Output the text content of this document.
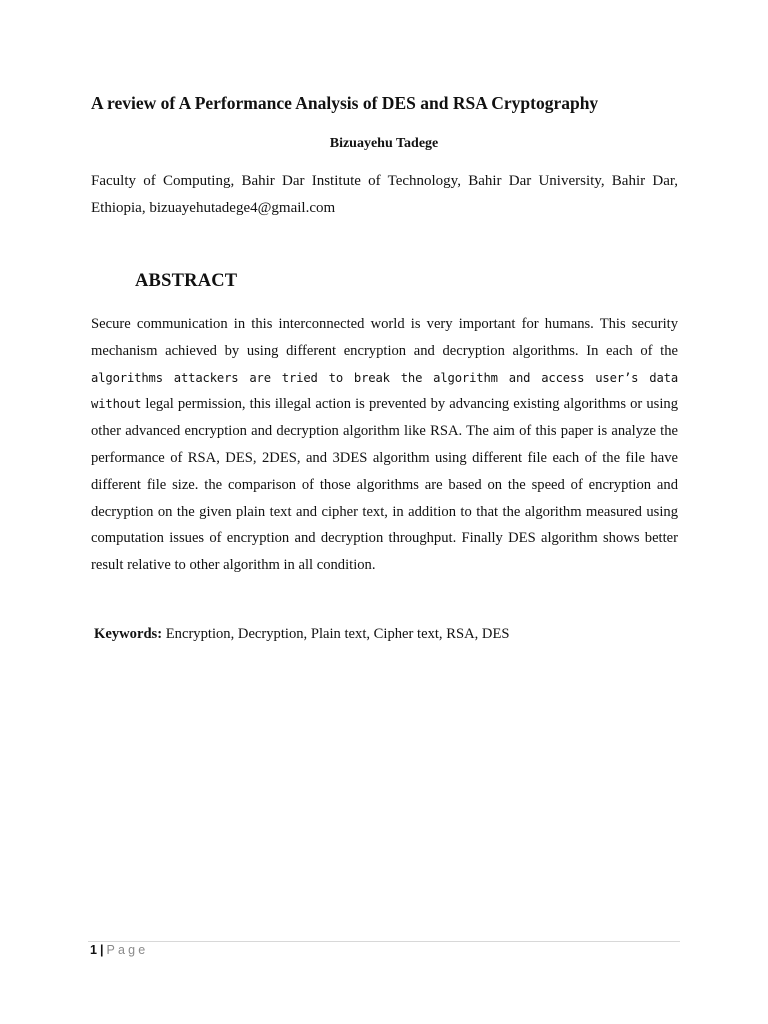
A review of A Performance Analysis of DES and RSA Cryptography
Bizuayehu Tadege
Faculty of Computing, Bahir Dar Institute of Technology, Bahir Dar University, Bahir Dar, Ethiopia, bizuayehutadege4@gmail.com
ABSTRACT
Secure communication in this interconnected world is very important for humans. This security mechanism achieved by using different encryption and decryption algorithms. In each of the algorithms attackers are tried to break the algorithm and access user’s data without legal permission, this illegal action is prevented by advancing existing algorithms or using other advanced encryption and decryption algorithm like RSA. The aim of this paper is analyze the performance of RSA, DES, 2DES, and 3DES algorithm using different file each of the file have different file size. the comparison of those algorithms are based on the speed of encryption and decryption on the given plain text and cipher text, in addition to that the algorithm measured using computation issues of encryption and decryption throughput. Finally DES algorithm shows better result relative to other algorithm in all condition.
Keywords: Encryption, Decryption, Plain text, Cipher text, RSA, DES
1 | Page
